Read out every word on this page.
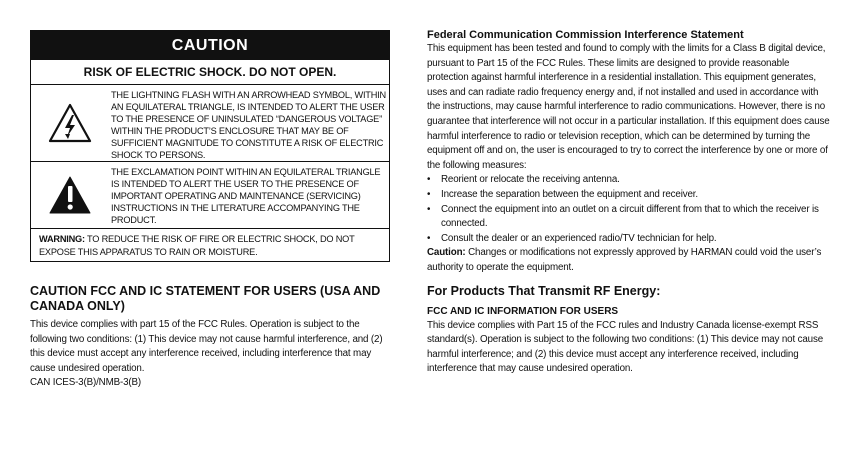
CAUTION
RISK OF ELECTRIC SHOCK. DO NOT OPEN.
THE LIGHTNING FLASH WITH AN ARROWHEAD SYMBOL, WITHIN AN EQUILATERAL TRIANGLE, IS INTENDED TO ALERT THE USER TO THE PRESENCE OF UNINSULATED “DANGEROUS VOLTAGE” WITHIN THE PRODUCT’S ENCLOSURE THAT MAY BE OF SUFFICIENT MAGNITUDE TO CONSTITUTE A RISK OF ELECTRIC SHOCK TO PERSONS.
THE EXCLAMATION POINT WITHIN AN EQUILATERAL TRIANGLE IS INTENDED TO ALERT THE USER TO THE PRESENCE OF IMPORTANT OPERATING AND MAINTENANCE (SERVICING) INSTRUCTIONS IN THE LITERATURE ACCOMPANYING THE PRODUCT.
WARNING: TO REDUCE THE RISK OF FIRE OR ELECTRIC SHOCK, DO NOT EXPOSE THIS APPARATUS TO RAIN OR MOISTURE.
CAUTION FCC AND IC STATEMENT FOR USERS (USA AND CANADA ONLY)
This device complies with part 15 of the FCC Rules. Operation is subject to the following two conditions: (1) This device may not cause harmful interference, and (2) this device must accept any interference received, including interference that may cause undesired operation.
CAN ICES-3(B)/NMB-3(B)
Federal Communication Commission Interference Statement
This equipment has been tested and found to comply with the limits for a Class B digital device, pursuant to Part 15 of the FCC Rules. These limits are designed to provide reasonable protection against harmful interference in a residential installation. This equipment generates, uses and can radiate radio frequency energy and, if not installed and used in accordance with the instructions, may cause harmful interference to radio communications. However, there is no guarantee that interference will not occur in a particular installation. If this equipment does cause harmful interference to radio or television reception, which can be determined by turning the equipment off and on, the user is encouraged to try to correct the interference by one or more of the following measures:
• Reorient or relocate the receiving antenna.
• Increase the separation between the equipment and receiver.
• Connect the equipment into an outlet on a circuit different from that to which the receiver is connected.
• Consult the dealer or an experienced radio/TV technician for help.
Caution: Changes or modifications not expressly approved by HARMAN could void the user’s authority to operate the equipment.
For Products That Transmit RF Energy:
FCC AND IC INFORMATION FOR USERS
This device complies with Part 15 of the FCC rules and Industry Canada license-exempt RSS standard(s). Operation is subject to the following two conditions: (1) This device may not cause harmful interference; and (2) this device must accept any interference received, including interference that may cause undesired operation.
